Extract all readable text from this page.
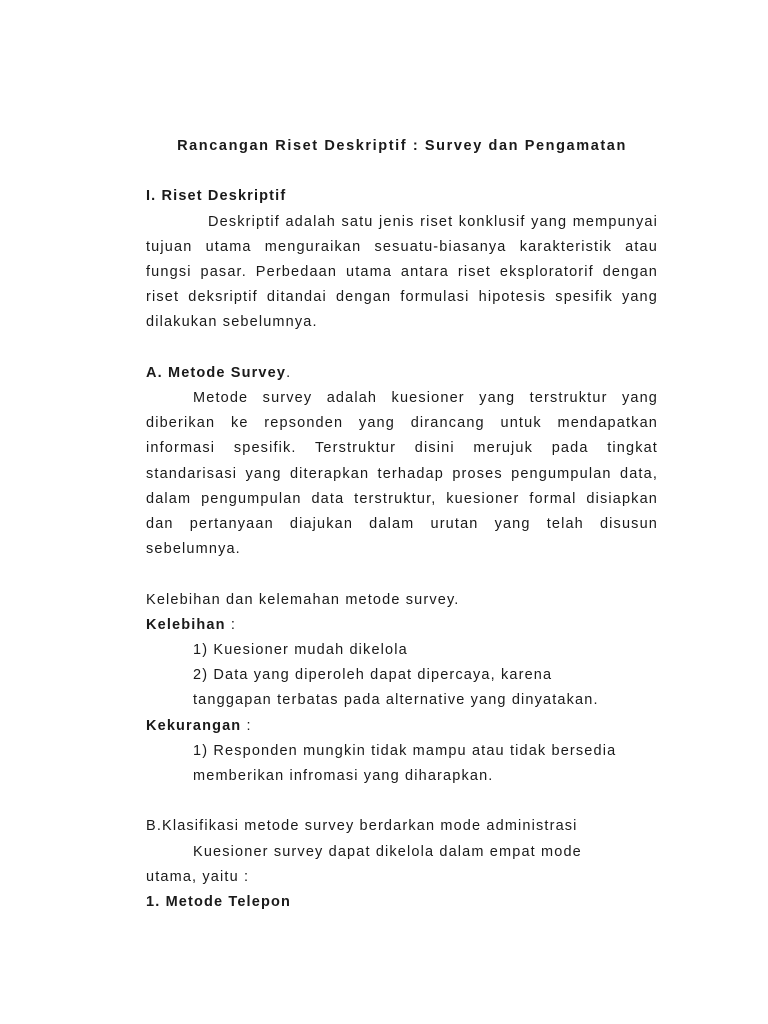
Rancangan Riset Deskriptif : Survey dan Pengamatan

I. Riset Deskriptif

Deskriptif adalah satu jenis riset konklusif yang mempunyai tujuan utama menguraikan sesuatu-biasanya karakteristik atau fungsi pasar. Perbedaan utama antara riset eksploratorif dengan riset deksriptif ditandai dengan formulasi hipotesis spesifik yang dilakukan sebelumnya.

A. Metode Survey.

Metode survey adalah kuesioner yang terstruktur yang diberikan ke repsonden yang dirancang untuk mendapatkan informasi spesifik. Terstruktur disini merujuk pada tingkat standarisasi yang diterapkan terhadap proses pengumpulan data, dalam pengumpulan data terstruktur, kuesioner formal disiapkan dan pertanyaan diajukan dalam urutan yang telah disusun sebelumnya.

Kelebihan dan kelemahan metode survey.

Kelebihan :

1) Kuesioner mudah dikelola

2) Data yang diperoleh dapat dipercaya, karena

tanggapan terbatas pada alternative yang dinyatakan.

Kekurangan :

1) Responden mungkin tidak mampu atau tidak bersedia

memberikan infromasi yang diharapkan.

B.Klasifikasi metode survey berdarkan mode administrasi

Kuesioner survey dapat dikelola dalam empat mode

utama, yaitu :

1. Metode Telepon
